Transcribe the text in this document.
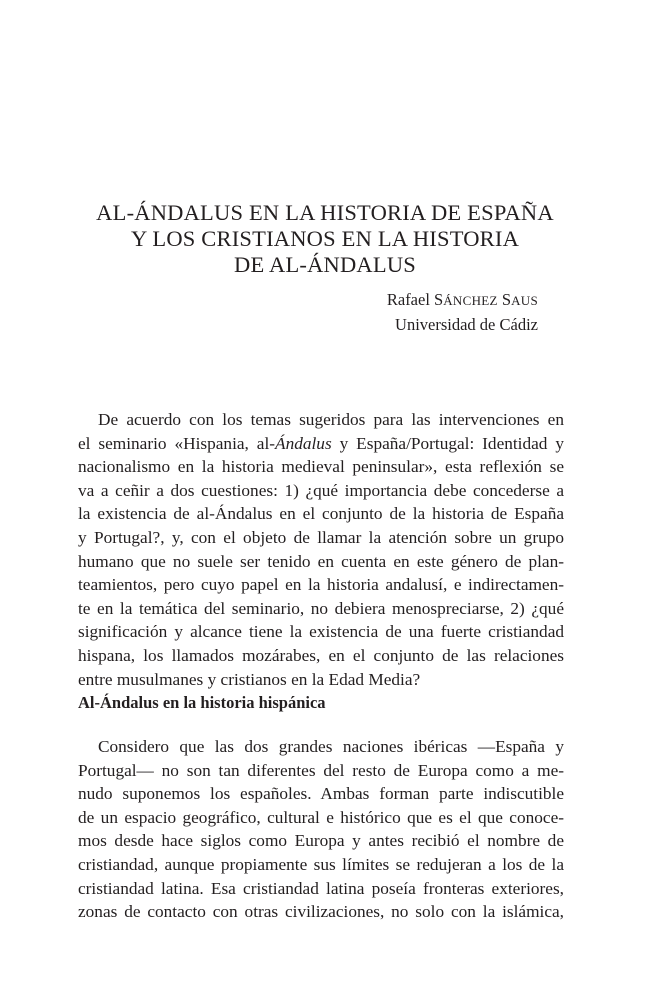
AL-ÁNDALUS EN LA HISTORIA DE ESPAÑA
Y LOS CRISTIANOS EN LA HISTORIA
DE AL-ÁNDALUS
Rafael SÁNCHEZ SAUS
Universidad de Cádiz
De acuerdo con los temas sugeridos para las intervenciones en
el seminario «Hispania, al-Ándalus y España/Portugal: Identidad y
nacionalismo en la historia medieval peninsular», esta reflexión se
va a ceñir a dos cuestiones: 1) ¿qué importancia debe concederse a
la existencia de al-Ándalus en el conjunto de la historia de España
y Portugal?, y, con el objeto de llamar la atención sobre un grupo
humano que no suele ser tenido en cuenta en este género de plan-
teamientos, pero cuyo papel en la historia andalusí, e indirectamen-
te en la temática del seminario, no debiera menospreciarse, 2) ¿qué
significación y alcance tiene la existencia de una fuerte cristiandad
hispana, los llamados mozárabes, en el conjunto de las relaciones
entre musulmanes y cristianos en la Edad Media?
Al-Ándalus en la historia hispánica
Considero que las dos grandes naciones ibéricas —España y
Portugal— no son tan diferentes del resto de Europa como a me-
nudo suponemos los españoles. Ambas forman parte indiscutible
de un espacio geográfico, cultural e histórico que es el que conoce-
mos desde hace siglos como Europa y antes recibió el nombre de
cristiandad, aunque propiamente sus límites se redujeran a los de la
cristiandad latina. Esa cristiandad latina poseía fronteras exteriores,
zonas de contacto con otras civilizaciones, no solo con la islámica,
